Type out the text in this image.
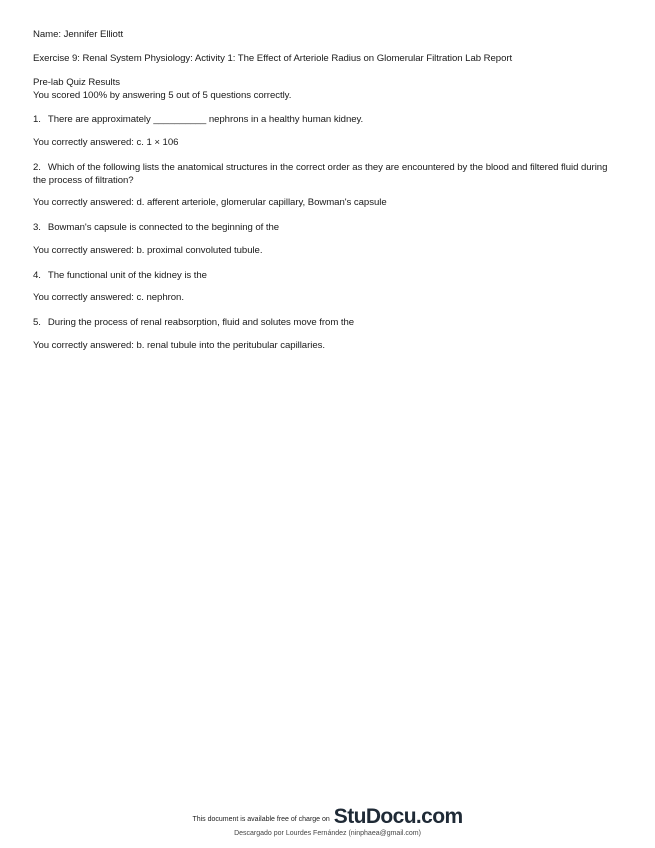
Name: Jennifer Elliott

Exercise 9: Renal System Physiology: Activity 1: The Effect of Arteriole Radius on Glomerular Filtration Lab Report

Pre-lab Quiz Results

You scored 100% by answering 5 out of 5 questions correctly.

1. There are approximately __________ nephrons in a healthy human kidney.

You correctly answered: c. 1 × 106

2. Which of the following lists the anatomical structures in the correct order as they are encountered by the blood and filtered fluid during the process of filtration?

You correctly answered: d. afferent arteriole, glomerular capillary, Bowman's capsule

3. Bowman's capsule is connected to the beginning of the

You correctly answered: b. proximal convoluted tubule.

4. The functional unit of the kidney is the

You correctly answered: c. nephron.

5. During the process of renal reabsorption, fluid and solutes move from the

You correctly answered: b. renal tubule into the peritubular capillaries.

This document is available free of charge on StuDocu.com
Descargado por Lourdes Fernández (ninphaea@gmail.com)
